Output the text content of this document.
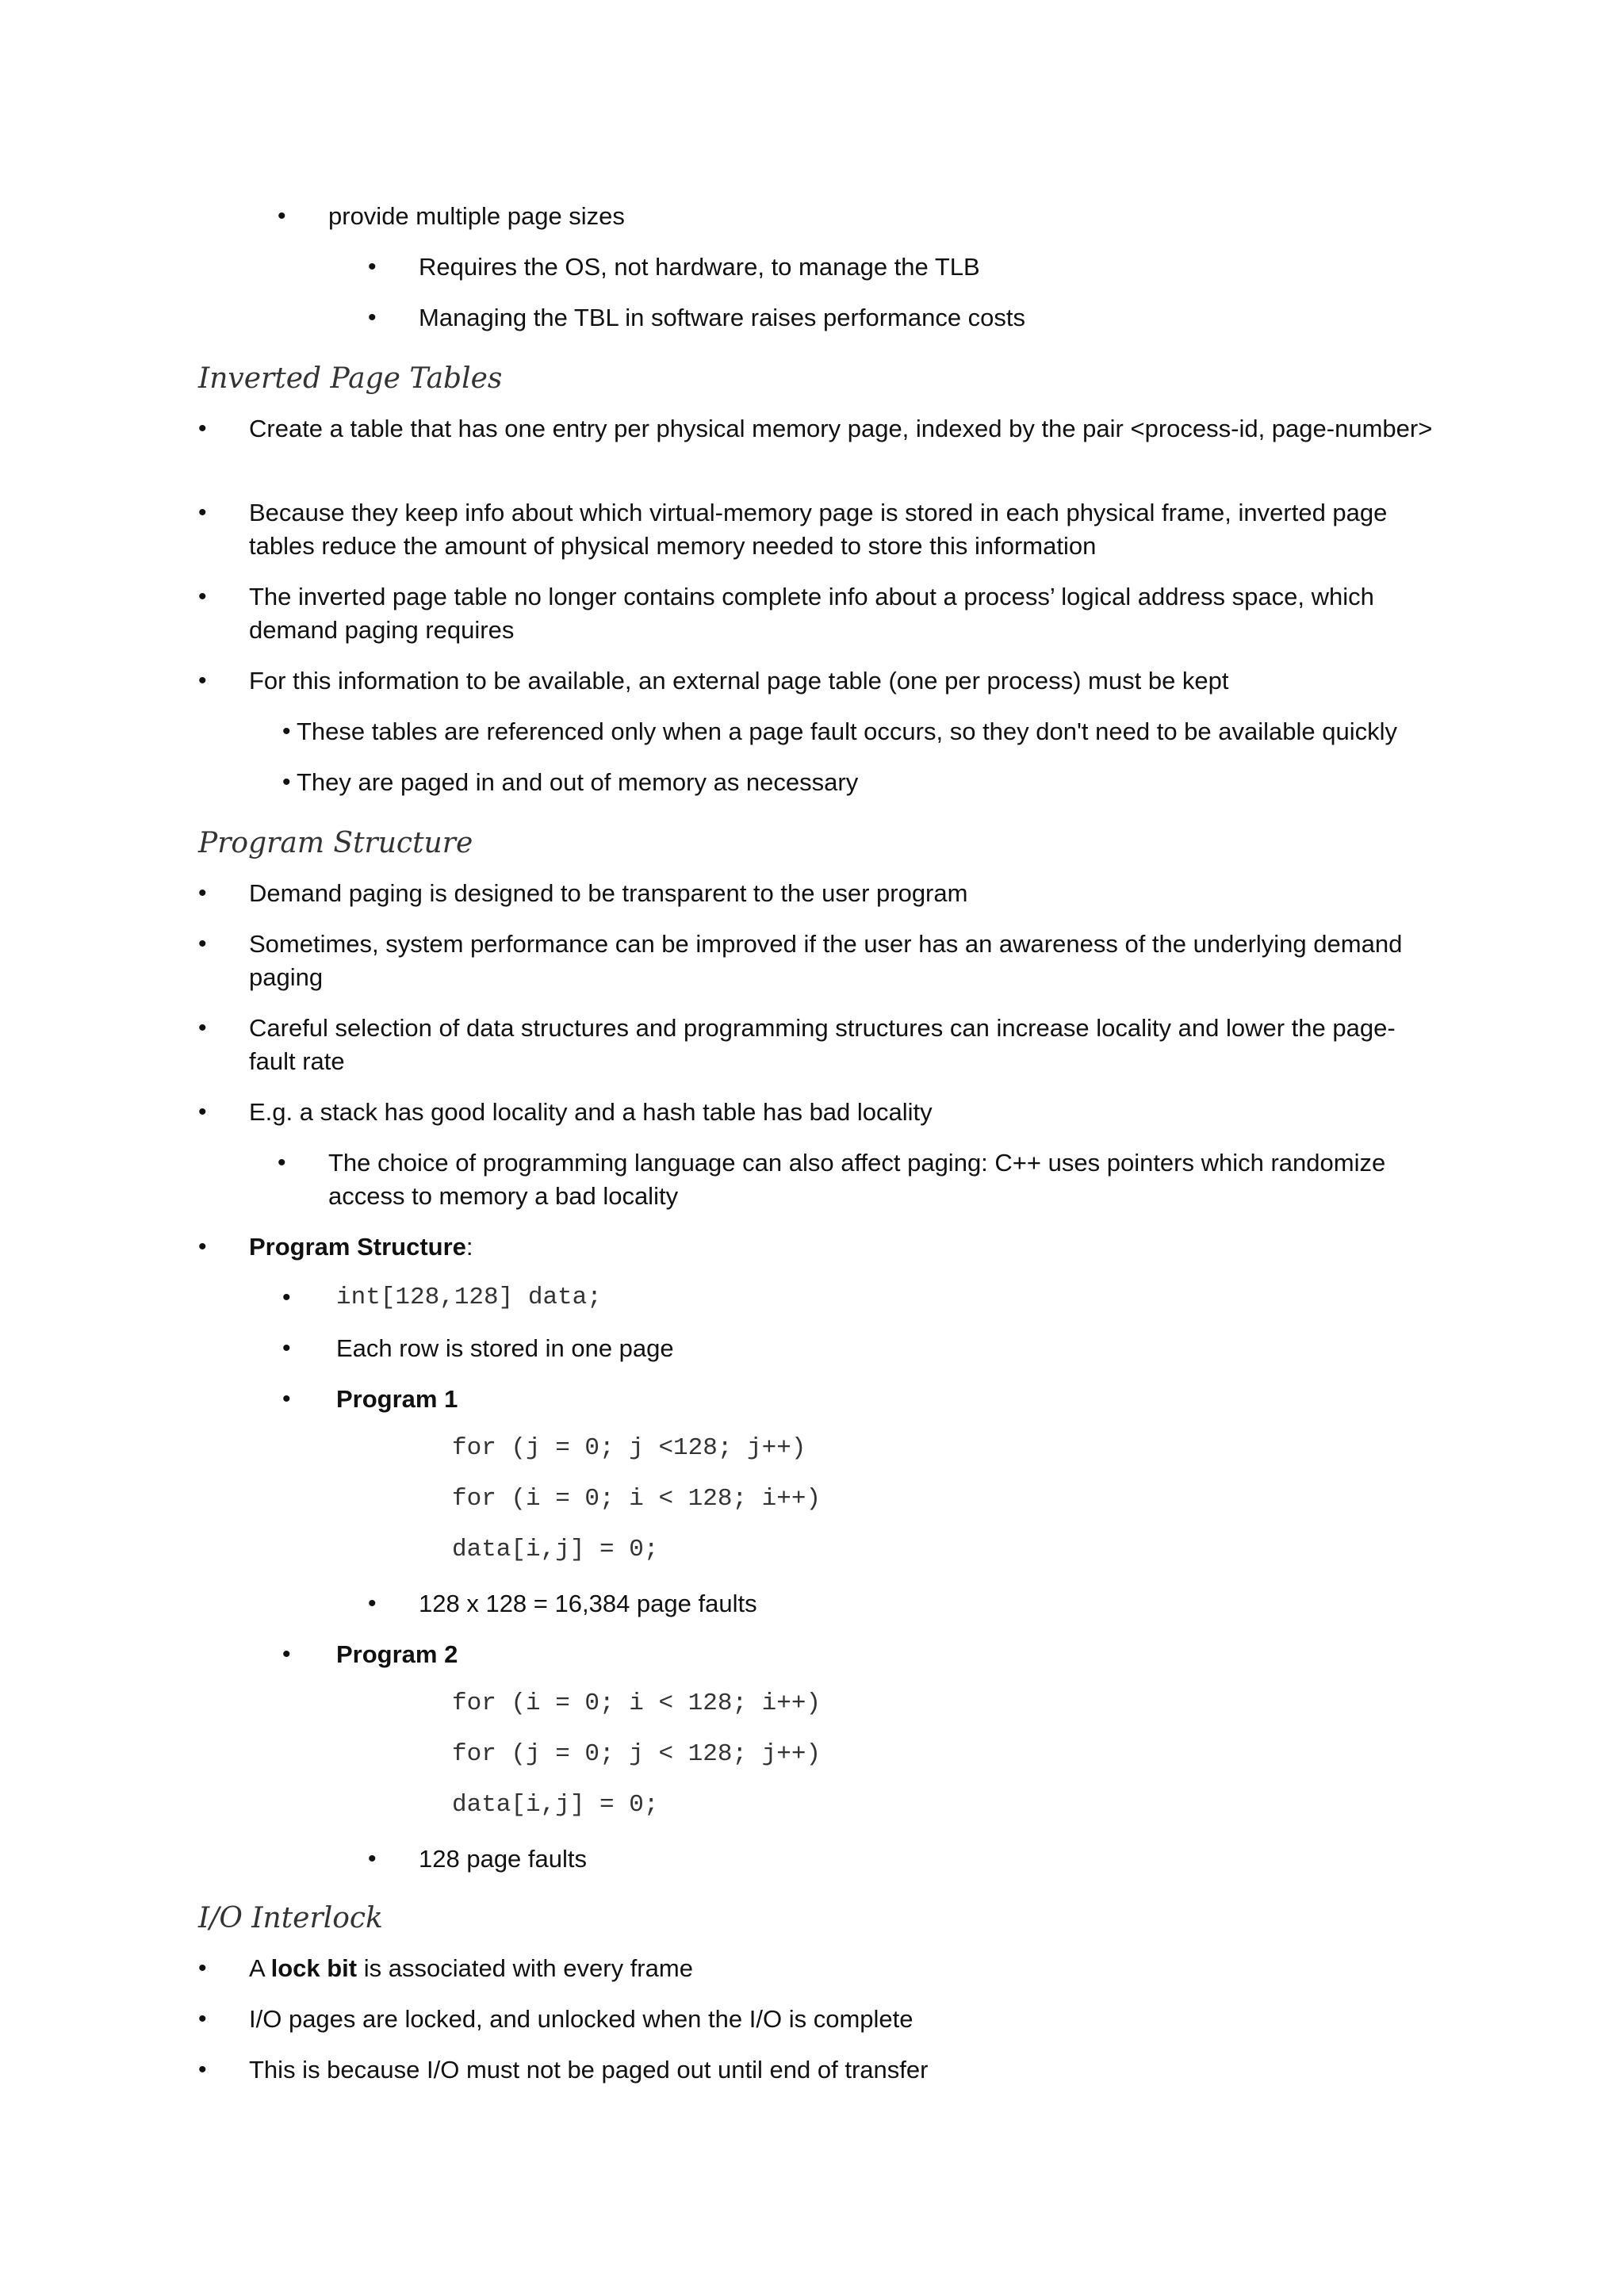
•	provide multiple page sizes
•	Requires the OS, not hardware, to manage the TLB
•	Managing the TBL in software raises performance costs
Inverted Page Tables
•	Create a table that has one entry per physical memory page, indexed by the pair <process-id, page-number>
•	Because they keep info about which virtual-memory page is stored in each physical frame, inverted page tables reduce the amount of physical memory needed to store this information
•	The inverted page table no longer contains complete info about a process’ logical address space, which demand paging requires
•	For this information to be available, an external page table (one per process) must be kept
• These tables are referenced only when a page fault occurs, so they don't need to be available quickly
• They are paged in and out of memory as necessary
Program Structure
•	Demand paging is designed to be transparent to the user program
•	Sometimes, system performance can be improved if the user has an awareness of the underlying demand paging
•	Careful selection of data structures and programming structures can increase locality and lower the page-fault rate
•	E.g. a stack has good locality and a hash table has bad locality
•	The choice of programming language can also affect paging: C++ uses pointers which randomize access to memory a bad locality
•	Program Structure:
•	int[128,128] data;
•	Each row is stored in one page
•	Program 1
for (j = 0; j <128; j++)
for (i = 0; i < 128; i++)
data[i,j] = 0;
•	128 x 128 = 16,384 page faults
•	Program 2
for (i = 0; i < 128; i++)
for (j = 0; j < 128; j++)
data[i,j] = 0;
•	128 page faults
I/O Interlock
•	A lock bit is associated with every frame
•	I/O pages are locked, and unlocked when the I/O is complete
•	This is because I/O must not be paged out until end of transfer
